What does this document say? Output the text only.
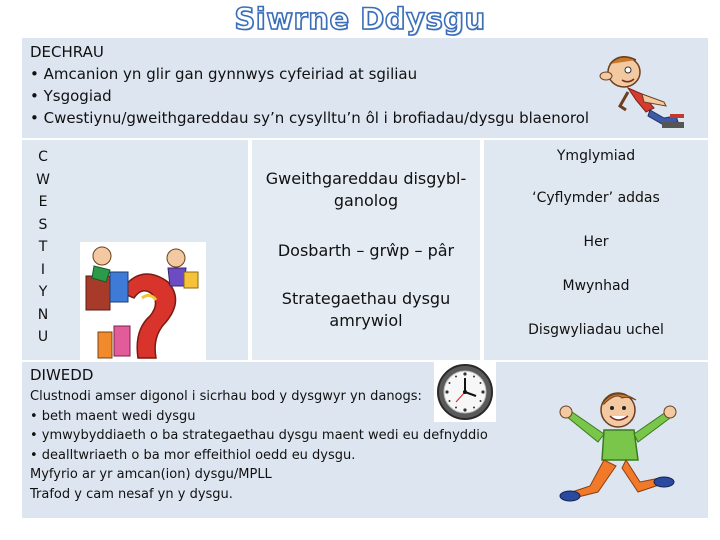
Siwrne Ddysgu
DECHRAU
• Amcanion yn glir gan gynnwys cyfeiriad at sgiliau
• Ysgogiad
• Cwestiynu/gweithgareddau sy’n cysylltu’n ôl i brofiadau/dysgu blaenorol
C
W
E
S
T
I
Y
N
U
Gweithgareddau disgybl-ganolog
Dosbarth – grŵp – pâr
Strategaethau dysgu amrywiol
Ymglymiad
‘Cyflymder’ addas
Her
Mwynhad
Disgwyliadau uchel
DIWEDD
Clustnodi amser digonol i sicrhau bod y dysgwyr yn danogs:
• beth maent wedi dysgu
• ymwybyddiaeth o ba strategaethau dysgu maent wedi eu defnyddio
• dealltwriaeth o ba mor effeithiol oedd eu dysgu.
Myfyrio ar yr amcan(ion) dysgu/MPLL
Trafod y cam nesaf yn y dysgu.
